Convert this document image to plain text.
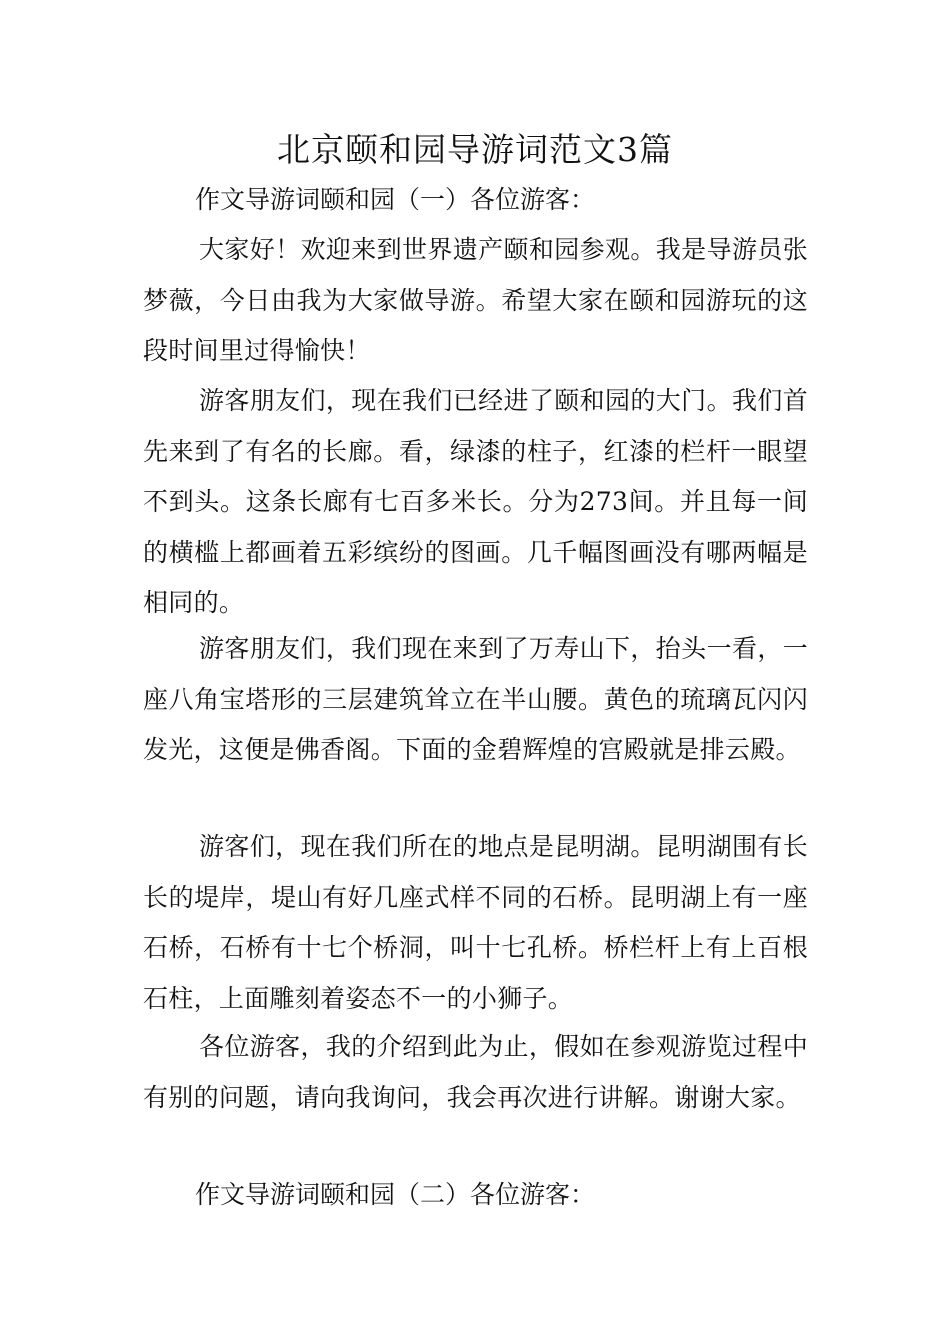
北京颐和园导游词范文3篇
作文导游词颐和园（一）各位游客：

大家好！欢迎来到世界遗产颐和园参观。我是导游员张梦薇，今日由我为大家做导游。希望大家在颐和园游玩的这段时间里过得愉快！

游客朋友们，现在我们已经进了颐和园的大门。我们首先来到了有名的长廊。看，绿漆的柱子，红漆的栏杆一眼望不到头。这条长廊有七百多米长。分为273间。并且每一间的横槛上都画着五彩缤纷的图画。几千幅图画没有哪两幅是相同的。

游客朋友们，我们现在来到了万寿山下，抬头一看，一座八角宝塔形的三层建筑耸立在半山腰。黄色的琉璃瓦闪闪发光，这便是佛香阁。下面的金碧辉煌的宫殿就是排云殿。

游客们，现在我们所在的地点是昆明湖。昆明湖围有长长的堤岸，堤山有好几座式样不同的石桥。昆明湖上有一座石桥，石桥有十七个桥洞，叫十七孔桥。桥栏杆上有上百根石柱，上面雕刻着姿态不一的小狮子。

各位游客，我的介绍到此为止，假如在参观游览过程中有别的问题，请向我询问，我会再次进行讲解。谢谢大家。

作文导游词颐和园（二）各位游客：
